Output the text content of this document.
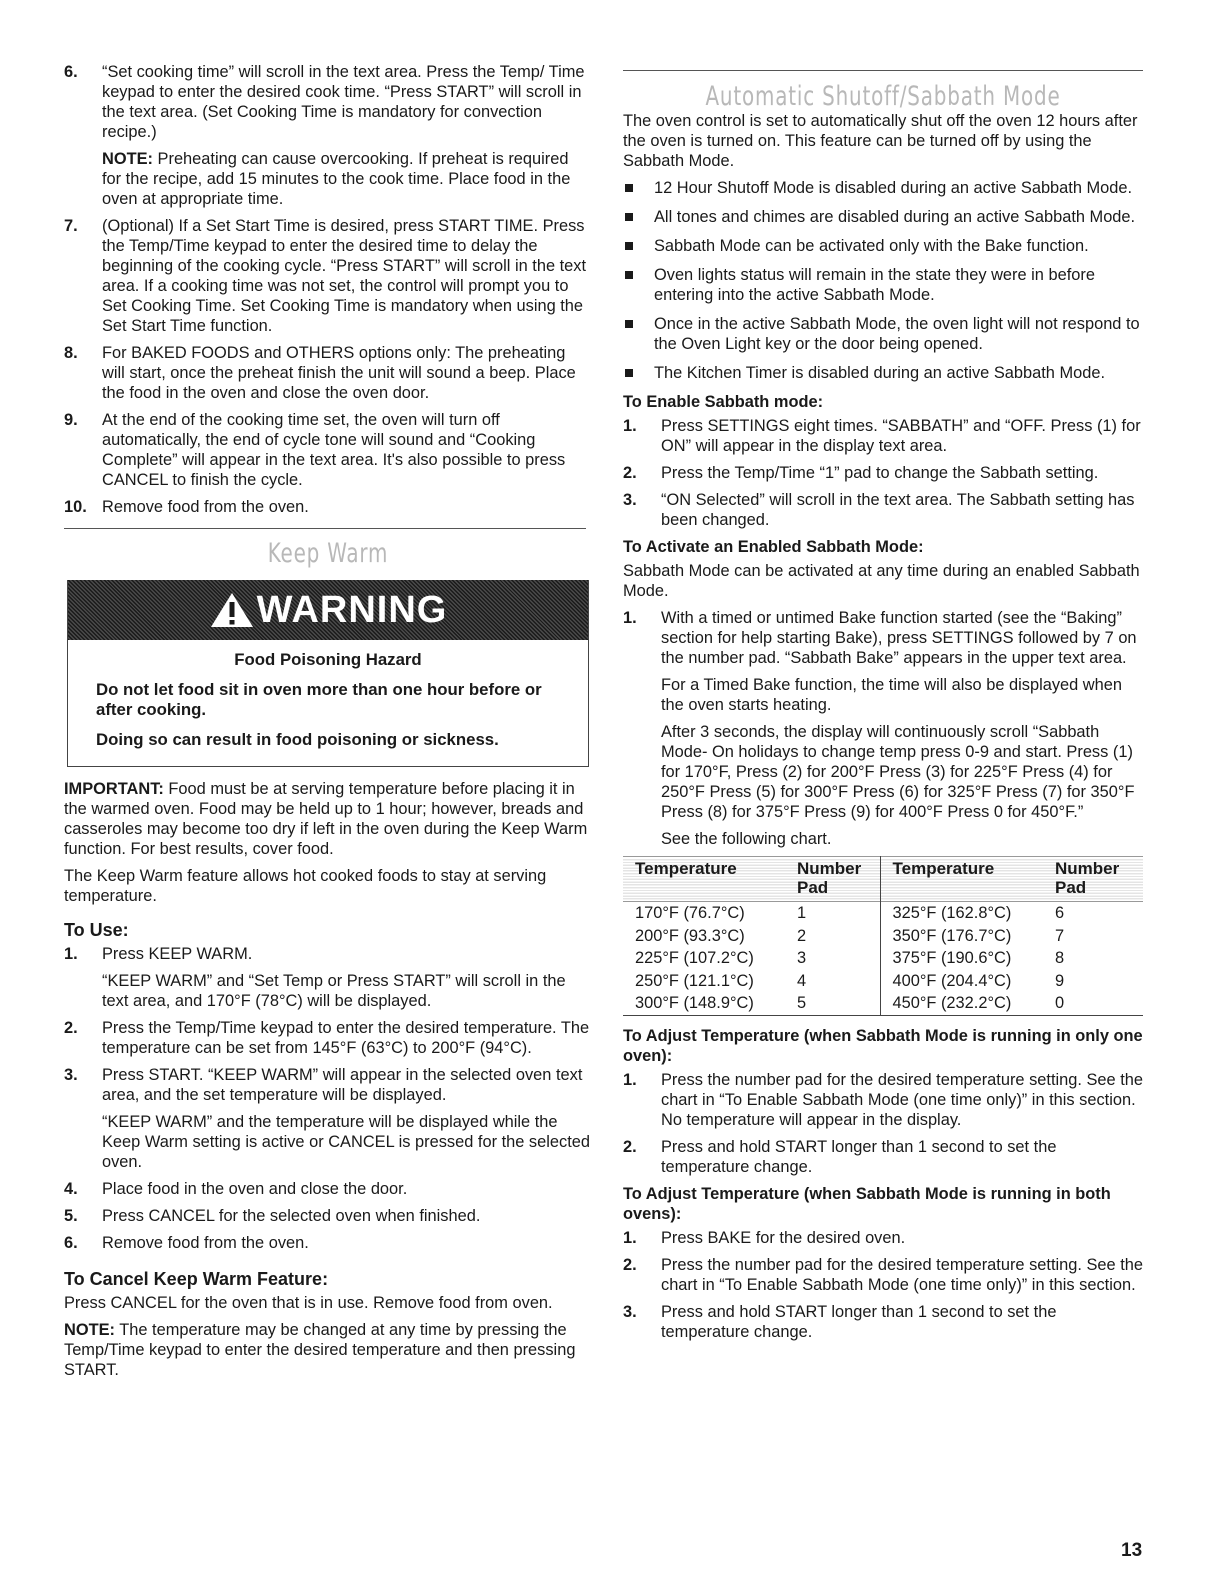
6. “Set cooking time” will scroll in the text area. Press the Temp/ Time keypad to enter the desired cook time. “Press START” will scroll in the text area. (Set Cooking Time is mandatory for convection recipe.)

NOTE: Preheating can cause overcooking. If preheat is required for the recipe, add 15 minutes to the cook time. Place food in the oven at appropriate time.

7. (Optional) If a Set Start Time is desired, press START TIME. Press the Temp/Time keypad to enter the desired time to delay the beginning of the cooking cycle. “Press START” will scroll in the text area. If a cooking time was not set, the control will prompt you to Set Cooking Time. Set Cooking Time is mandatory when using the Set Start Time function.

8. For BAKED FOODS and OTHERS options only: The preheating will start, once the preheat finish the unit will sound a beep. Place the food in the oven and close the oven door.

9. At the end of the cooking time set, the oven will turn off automatically, the end of cycle tone will sound and “Cooking Complete” will appear in the text area. It's also possible to press CANCEL to finish the cycle.

10. Remove food from the oven.

Keep Warm
WARNING

Food Poisoning Hazard

Do not let food sit in oven more than one hour before or after cooking.

Doing so can result in food poisoning or sickness.

IMPORTANT: Food must be at serving temperature before placing it in the warmed oven. Food may be held up to 1 hour; however, breads and casseroles may become too dry if left in the oven during the Keep Warm function. For best results, cover food.

The Keep Warm feature allows hot cooked foods to stay at serving temperature.

To Use:
1. Press KEEP WARM.

“KEEP WARM” and “Set Temp or Press START” will scroll in the text area, and 170°F (78°C) will be displayed.

2. Press the Temp/Time keypad to enter the desired temperature. The temperature can be set from 145°F (63°C) to 200°F (94°C).

3. Press START. “KEEP WARM” will appear in the selected oven text area, and the set temperature will be displayed.

“KEEP WARM” and the temperature will be displayed while the Keep Warm setting is active or CANCEL is pressed for the selected oven.

4. Place food in the oven and close the door.

5. Press CANCEL for the selected oven when finished.

6. Remove food from the oven.

To Cancel Keep Warm Feature:

Press CANCEL for the oven that is in use. Remove food from oven.

NOTE: The temperature may be changed at any time by pressing the Temp/Time keypad to enter the desired temperature and then pressing START.

Automatic Shutoff/Sabbath Mode

The oven control is set to automatically shut off the oven 12 hours after the oven is turned on. This feature can be turned off by using the Sabbath Mode.

12 Hour Shutoff Mode is disabled during an active Sabbath Mode.
All tones and chimes are disabled during an active Sabbath Mode.
Sabbath Mode can be activated only with the Bake function.
Oven lights status will remain in the state they were in before entering into the active Sabbath Mode.
Once in the active Sabbath Mode, the oven light will not respond to the Oven Light key or the door being opened.
The Kitchen Timer is disabled during an active Sabbath Mode.
To Enable Sabbath mode:
1. Press SETTINGS eight times. “SABBATH” and “OFF. Press (1) for ON” will appear in the display text area.

2. Press the Temp/Time “1” pad to change the Sabbath setting.

3. “ON Selected” will scroll in the text area. The Sabbath setting has been changed.

To Activate an Enabled Sabbath Mode:

Sabbath Mode can be activated at any time during an enabled Sabbath Mode.

1. With a timed or untimed Bake function started (see the “Baking” section for help starting Bake), press SETTINGS followed by 7 on the number pad. “Sabbath Bake” appears in the upper text area.

For a Timed Bake function, the time will also be displayed when the oven starts heating.

After 3 seconds, the display will continuously scroll “Sabbath Mode- On holidays to change temp press 0-9 and start. Press (1) for 170°F, Press (2) for 200°F Press (3) for 225°F Press (4) for 250°F Press (5) for 300°F Press (6) for 325°F Press (7) for 350°F Press (8) for 375°F Press (9) for 400°F Press 0 for 450°F.”

See the following chart.

Temperature	Number Pad	Temperature	Number Pad
170°F (76.7°C)	1	325°F (162.8°C)	6
200°F (93.3°C)	2	350°F (176.7°C)	7
225°F (107.2°C)	3	375°F (190.6°C)	8
250°F (121.1°C)	4	400°F (204.4°C)	9
300°F (148.9°C)	5	450°F (232.2°C)	0
To Adjust Temperature (when Sabbath Mode is running in only one oven):
1. Press the number pad for the desired temperature setting. See the chart in “To Enable Sabbath Mode (one time only)” in this section. No temperature will appear in the display.

2. Press and hold START longer than 1 second to set the temperature change.

To Adjust Temperature (when Sabbath Mode is running in both ovens):
1. Press BAKE for the desired oven.

2. Press the number pad for the desired temperature setting. See the chart in “To Enable Sabbath Mode (one time only)” in this section.

3. Press and hold START longer than 1 second to set the temperature change.

13
